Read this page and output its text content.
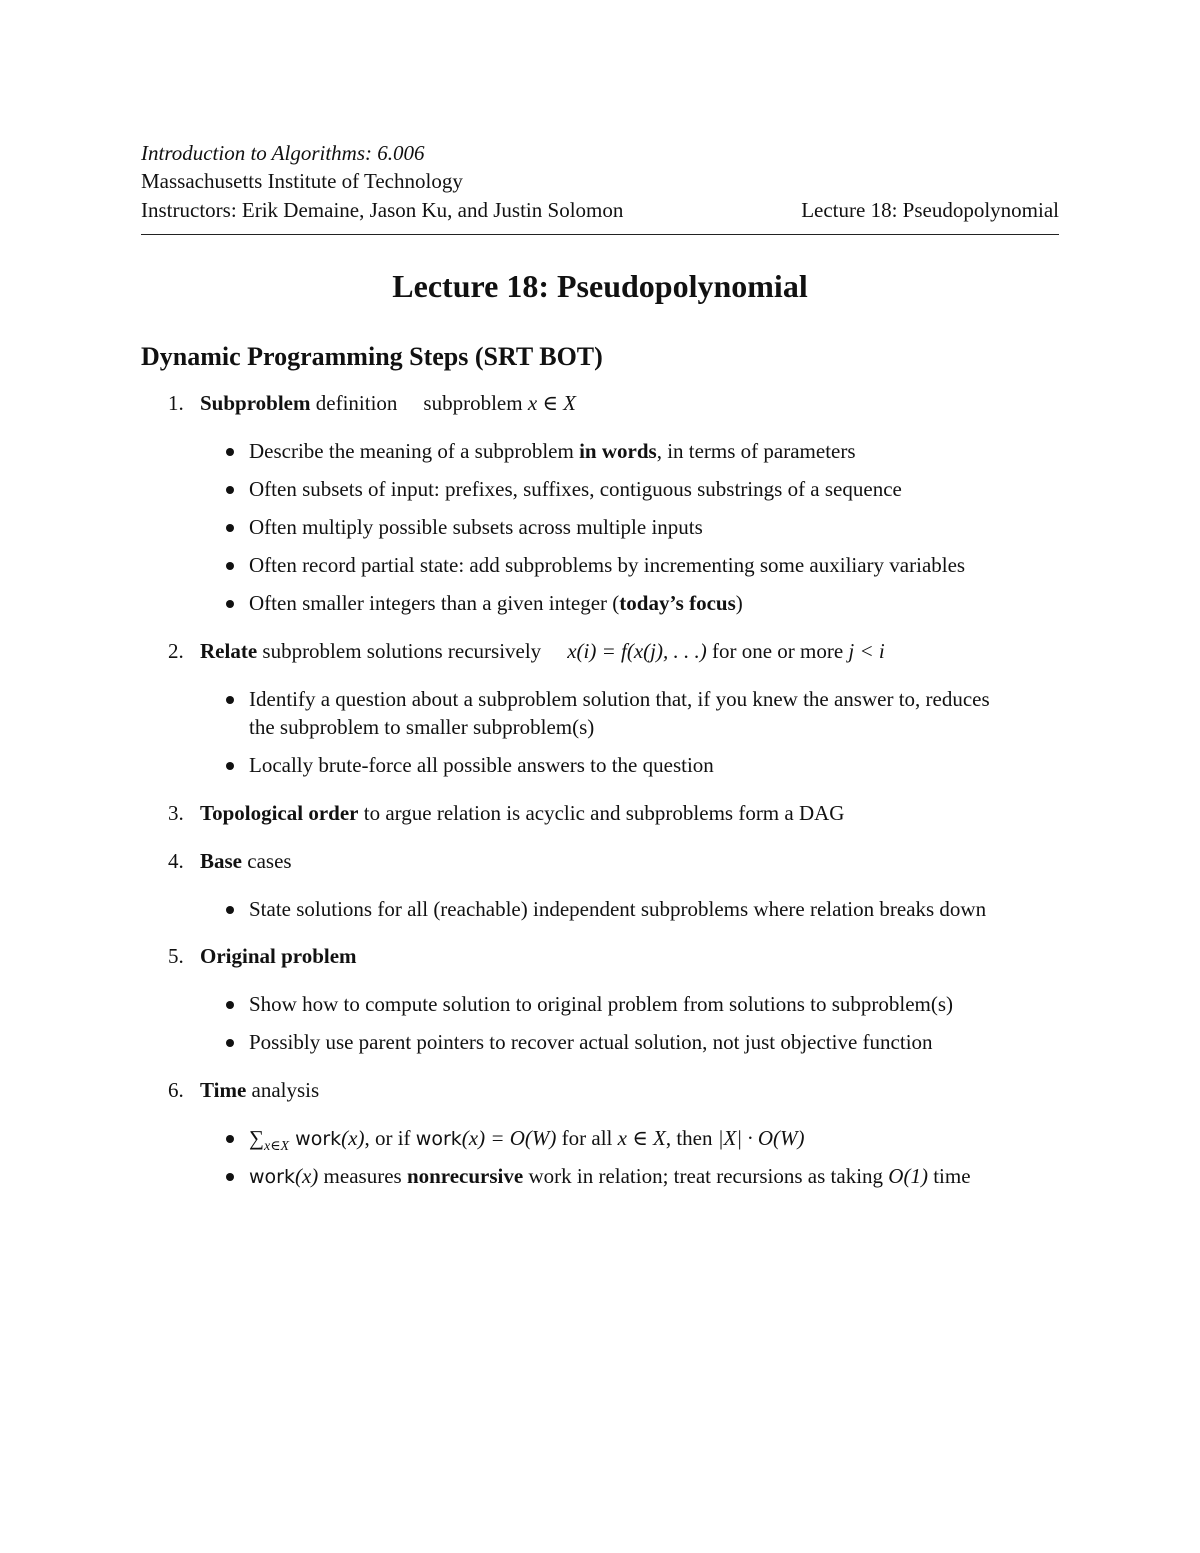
Introduction to Algorithms: 6.006
Massachusetts Institute of Technology
Instructors: Erik Demaine, Jason Ku, and Justin Solomon	Lecture 18: Pseudopolynomial
Lecture 18: Pseudopolynomial
Dynamic Programming Steps (SRT BOT)
1. Subproblem definition subproblem x ∈ X
Describe the meaning of a subproblem in words, in terms of parameters
Often subsets of input: prefixes, suffixes, contiguous substrings of a sequence
Often multiply possible subsets across multiple inputs
Often record partial state: add subproblems by incrementing some auxiliary variables
Often smaller integers than a given integer (today’s focus)
2. Relate subproblem solutions recursively x(i) = f(x(j), . . .) for one or more j < i
Identify a question about a subproblem solution that, if you knew the answer to, reduces
the subproblem to smaller subproblem(s)
Locally brute-force all possible answers to the question
3. Topological order to argue relation is acyclic and subproblems form a DAG
4. Base cases
State solutions for all (reachable) independent subproblems where relation breaks down
5. Original problem
Show how to compute solution to original problem from solutions to subproblem(s)
Possibly use parent pointers to recover actual solution, not just objective function
6. Time analysis
$\sum_{x\in X}$ work(x), or if work(x) = O(W) for all x ∈ X, then |X| · O(W)
work(x) measures nonrecursive work in relation; treat recursions as taking O(1) time
